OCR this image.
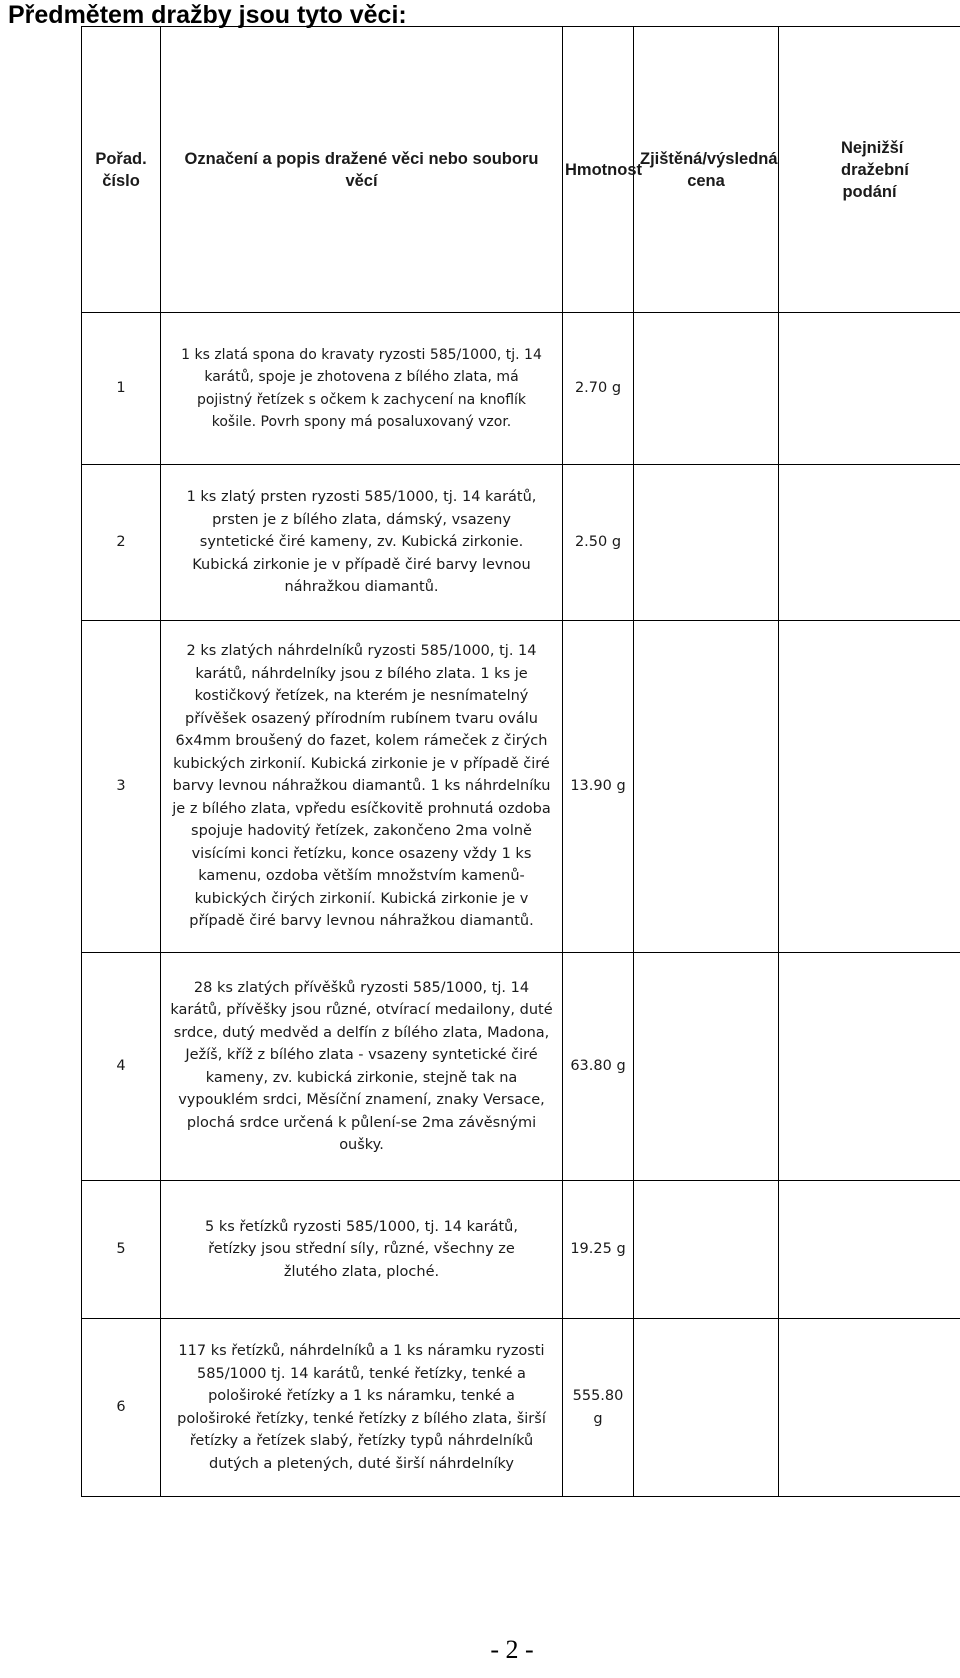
Předmětem dražby jsou tyto věci:
Pořad. číslo	Označení a popis dražené věci nebo souboru věcí	Hmotnost	Zjištěná/výsledná cena	Nejnižší dražební podání
1	1 ks zlatá spona do kravaty ryzosti 585/1000, tj. 14 karátů, spoje je zhotovena z bílého zlata, má pojistný řetízek s očkem k zachycení na knoflík košile. Povrh spony má posaluxovaný vzor.	2.70 g		
2	1 ks zlatý prsten ryzosti 585/1000, tj. 14 karátů, prsten je z bílého zlata, dámský, vsazeny syntetické čiré kameny, zv. Kubická zirkonie. Kubická zirkonie je v případě čiré barvy levnou náhražkou diamantů.	2.50 g		
3	2 ks zlatých náhrdelníků ryzosti 585/1000, tj. 14 karátů, náhrdelníky jsou z bílého zlata. 1 ks je kostičkový řetízek, na kterém je nesnímatelný přívěšek osazený přírodním rubínem tvaru oválu 6x4mm broušený do fazet, kolem rámeček z čirých kubických zirkonií. Kubická zirkonie je v případě čiré barvy levnou náhražkou diamantů. 1 ks náhrdelníku je z bílého zlata, vpředu esíčkovitě prohnutá ozdoba spojuje hadovitý řetízek, zakončeno 2ma volně visícími konci řetízku, konce osazeny vždy 1 ks kamenu, ozdoba větším množstvím kamenů-kubických čirých zirkonií. Kubická zirkonie je v případě čiré barvy levnou náhražkou diamantů.	13.90 g		
4	28 ks zlatých přívěšků ryzosti 585/1000, tj. 14 karátů, přívěšky jsou různé, otvírací medailony, duté srdce, dutý medvěd a delfín z bílého zlata, Madona, Ježíš, kříž z bílého zlata - vsazeny syntetické čiré kameny, zv. kubická zirkonie, stejně tak na vypouklém srdci, Měsíční znamení, znaky Versace, plochá srdce určená k půlení-se 2ma závěsnými oušky.	63.80 g		
5	5 ks řetízků ryzosti 585/1000, tj. 14 karátů, řetízky jsou střední síly, různé, všechny ze žlutého zlata, ploché.	19.25 g		
6	117 ks řetízků, náhrdelníků a 1 ks náramku ryzosti 585/1000 tj. 14 karátů, tenké řetízky, tenké a pološiroké řetízky a 1 ks náramku, tenké a pološiroké řetízky, tenké řetízky z bílého zlata, širší řetízky a řetízek slabý, řetízky typů náhrdelníků dutých a pletených, duté širší náhrdelníky	555.80 g		
- 2 -
